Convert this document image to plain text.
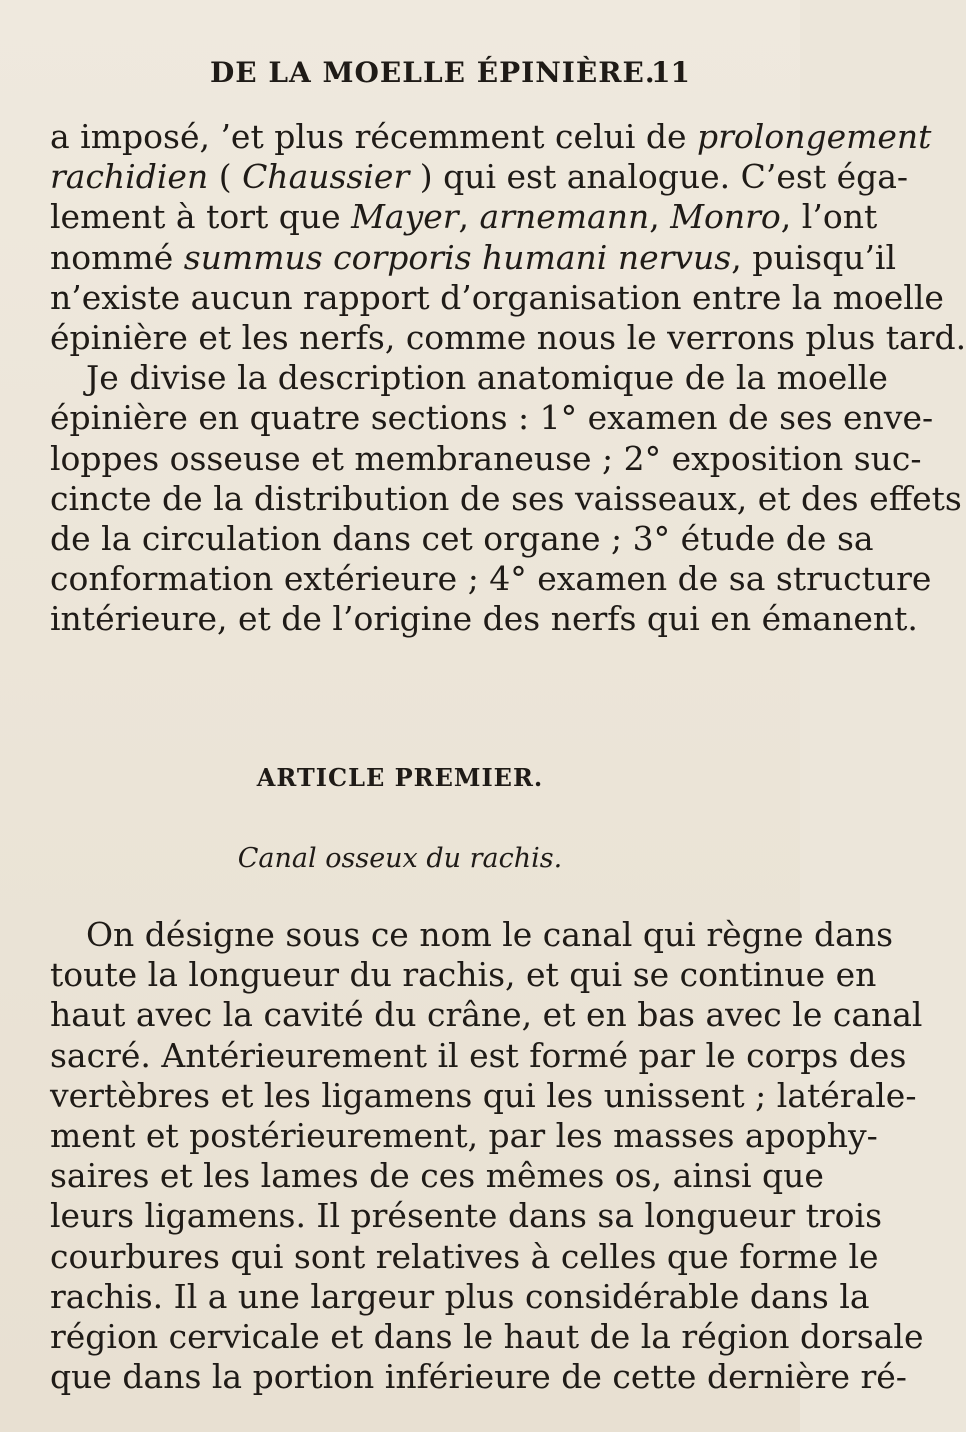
DE LA MOELLE ÉPINIÈRE.
11
a imposé, ’et plus récemment celui de prolongement
rachidien ( Chaussier ) qui est analogue. C’est éga-
lement à tort que Mayer, arnemann, Monro, l’ont
nommé summus corporis humani nervus, puisqu’il
n’existe aucun rapport d’organisation entre la moelle
épinière et les nerfs, comme nous le verrons plus tard.
Je divise la description anatomique de la moelle
épinière en quatre sections : 1° examen de ses enve-
loppes osseuse et membraneuse ; 2° exposition suc-
cincte de la distribution de ses vaisseaux, et des effets
de la circulation dans cet organe ; 3° étude de sa
conformation extérieure ; 4° examen de sa structure
intérieure, et de l’origine des nerfs qui en émanent.
ARTICLE PREMIER.
Canal osseux du rachis.
On désigne sous ce nom le canal qui règne dans
toute la longueur du rachis, et qui se continue en
haut avec la cavité du crâne, et en bas avec le canal
sacré. Antérieurement il est formé par le corps des
vertèbres et les ligamens qui les unissent ; latérale-
ment et postérieurement, par les masses apophy-
saires et les lames de ces mêmes os, ainsi que
leurs ligamens. Il présente dans sa longueur trois
courbures qui sont relatives à celles que forme le
rachis. Il a une largeur plus considérable dans la
région cervicale et dans le haut de la région dorsale
que dans la portion inférieure de cette dernière ré-
